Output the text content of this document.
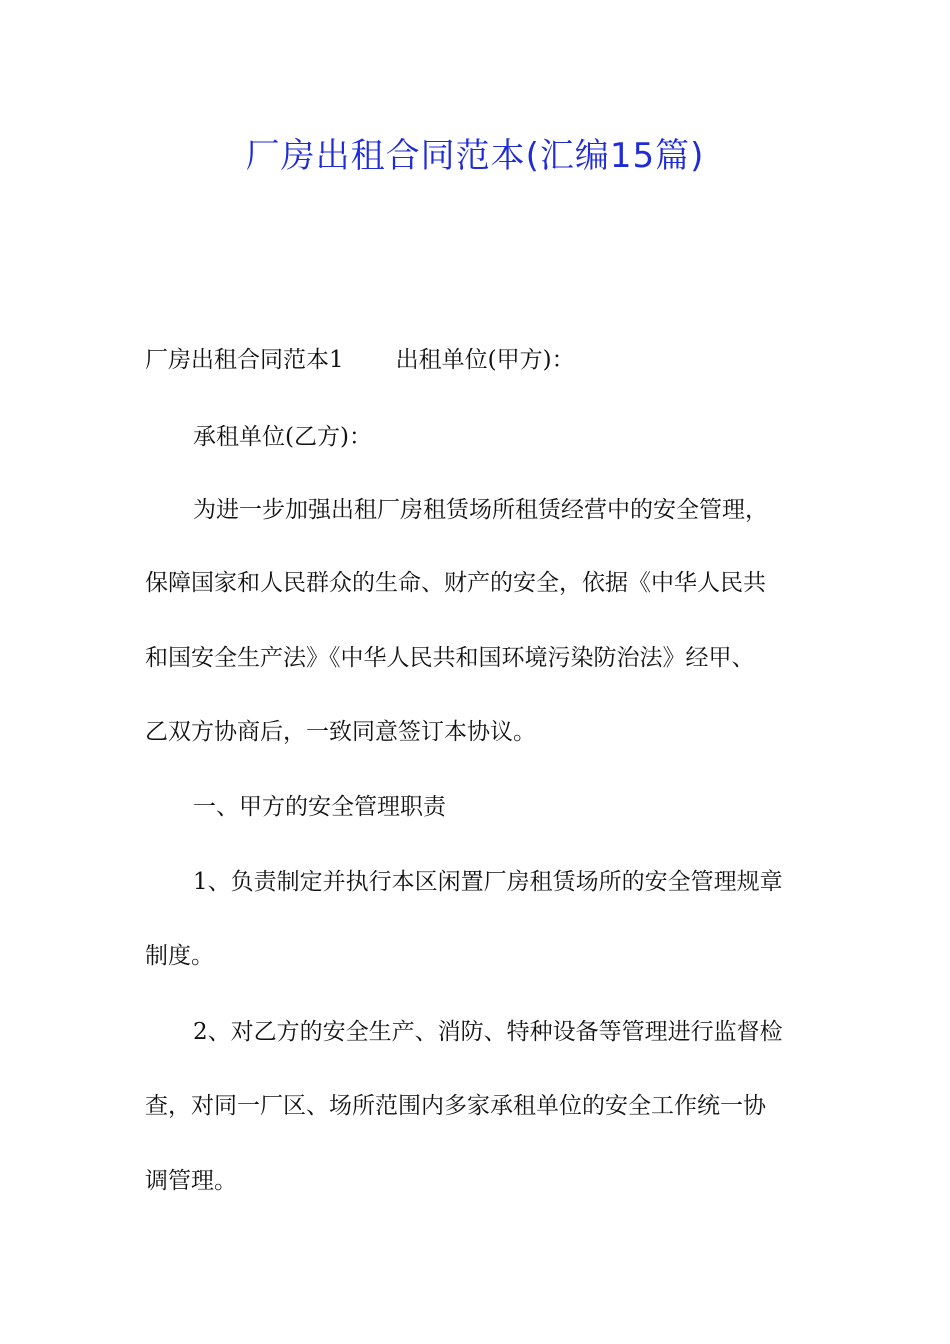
厂房出租合同范本(汇编15篇)
厂房出租合同范本1 出租单位(甲方)：
承租单位(乙方)：
为进一步加强出租厂房租赁场所租赁经营中的安全管理，
保障国家和人民群众的生命、财产的安全，依据《中华人民共
和国安全生产法》《中华人民共和国环境污染防治法》经甲、
乙双方协商后，一致同意签订本协议。
一、甲方的安全管理职责
1、负责制定并执行本区闲置厂房租赁场所的安全管理规章
制度。
2、对乙方的安全生产、消防、特种设备等管理进行监督检
查，对同一厂区、场所范围内多家承租单位的安全工作统一协
调管理。
